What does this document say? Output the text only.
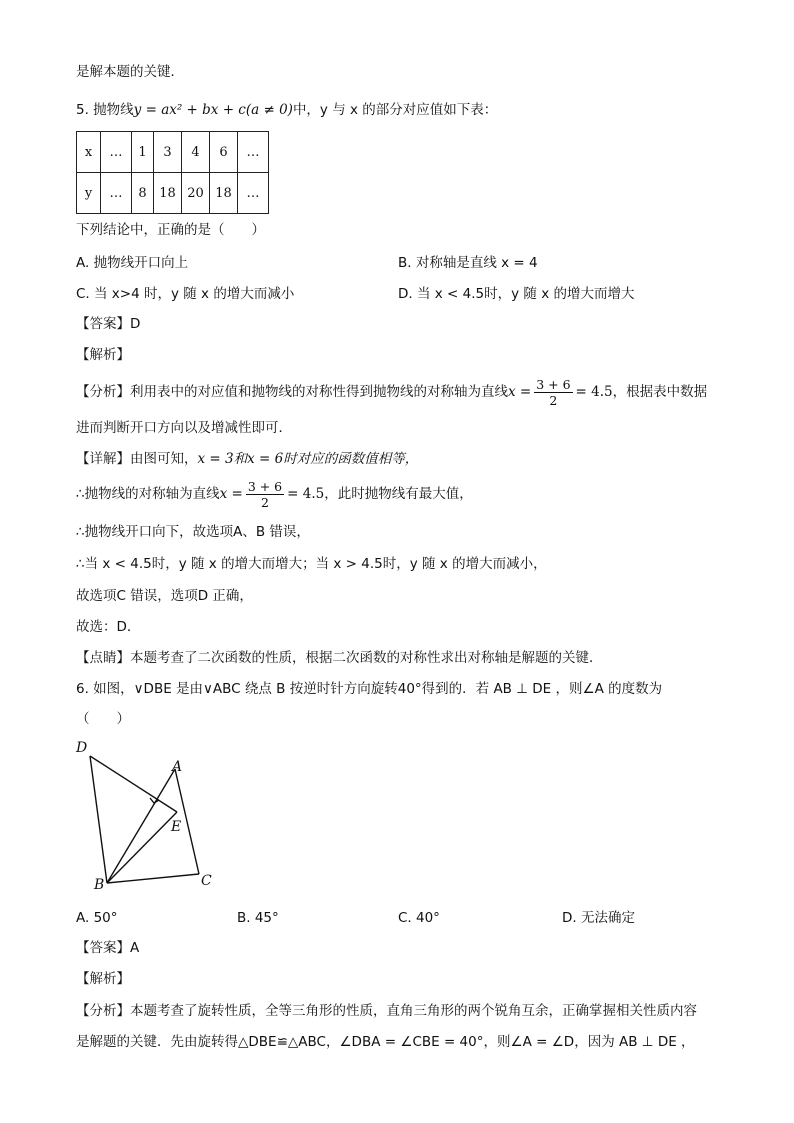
是解本题的关键．
5. 抛物线y = ax² + bx + c(a ≠ 0)中，y 与 x 的部分对应值如下表：
x	…	1	3	4	6	…
y	…	8	18	20	18	…
下列结论中，正确的是（　　）
A. 抛物线开口向上	B. 对称轴是直线 x = 4
C. 当 x>4 时，y 随 x 的增大而减小	D. 当 x < 4.5时，y 随 x 的增大而增大
【答案】D
【解析】
【分析】利用表中的对应值和抛物线的对称性得到抛物线的对称轴为直线$x = \frac{3 + 6}{2} = 4.5$，根据表中数据
进而判断开口方向以及增减性即可．
【详解】由图可知，x = 3和x = 6时对应的函数值相等，
∴抛物线的对称轴为直线$x = \frac{3 + 6}{2} = 4.5$，此时抛物线有最大值，
∴抛物线开口向下，故选项A、B 错误，
∴当 x < 4.5时，y 随 x 的增大而增大；当 x > 4.5时，y 随 x 的增大而减小，
故选项C 错误，选项D 正确，
故选：D．
【点睛】本题考查了二次函数的性质，根据二次函数的对称性求出对称轴是解题的关键．
6. 如图，∨DBE 是由∨ABC 绕点 B 按逆时针方向旋转40°得到的．若 AB ⊥ DE ，则∠A 的度数为
（　　）
D
A
E
B	C
A. 50°	B. 45°	C. 40°	D. 无法确定
【答案】A
【解析】
【分析】本题考查了旋转性质，全等三角形的性质，直角三角形的两个锐角互余，正确掌握相关性质内容
是解题的关键．先由旋转得△DBE≌△ABC，∠DBA = ∠CBE = 40°，则∠A = ∠D，因为 AB ⊥ DE ，
